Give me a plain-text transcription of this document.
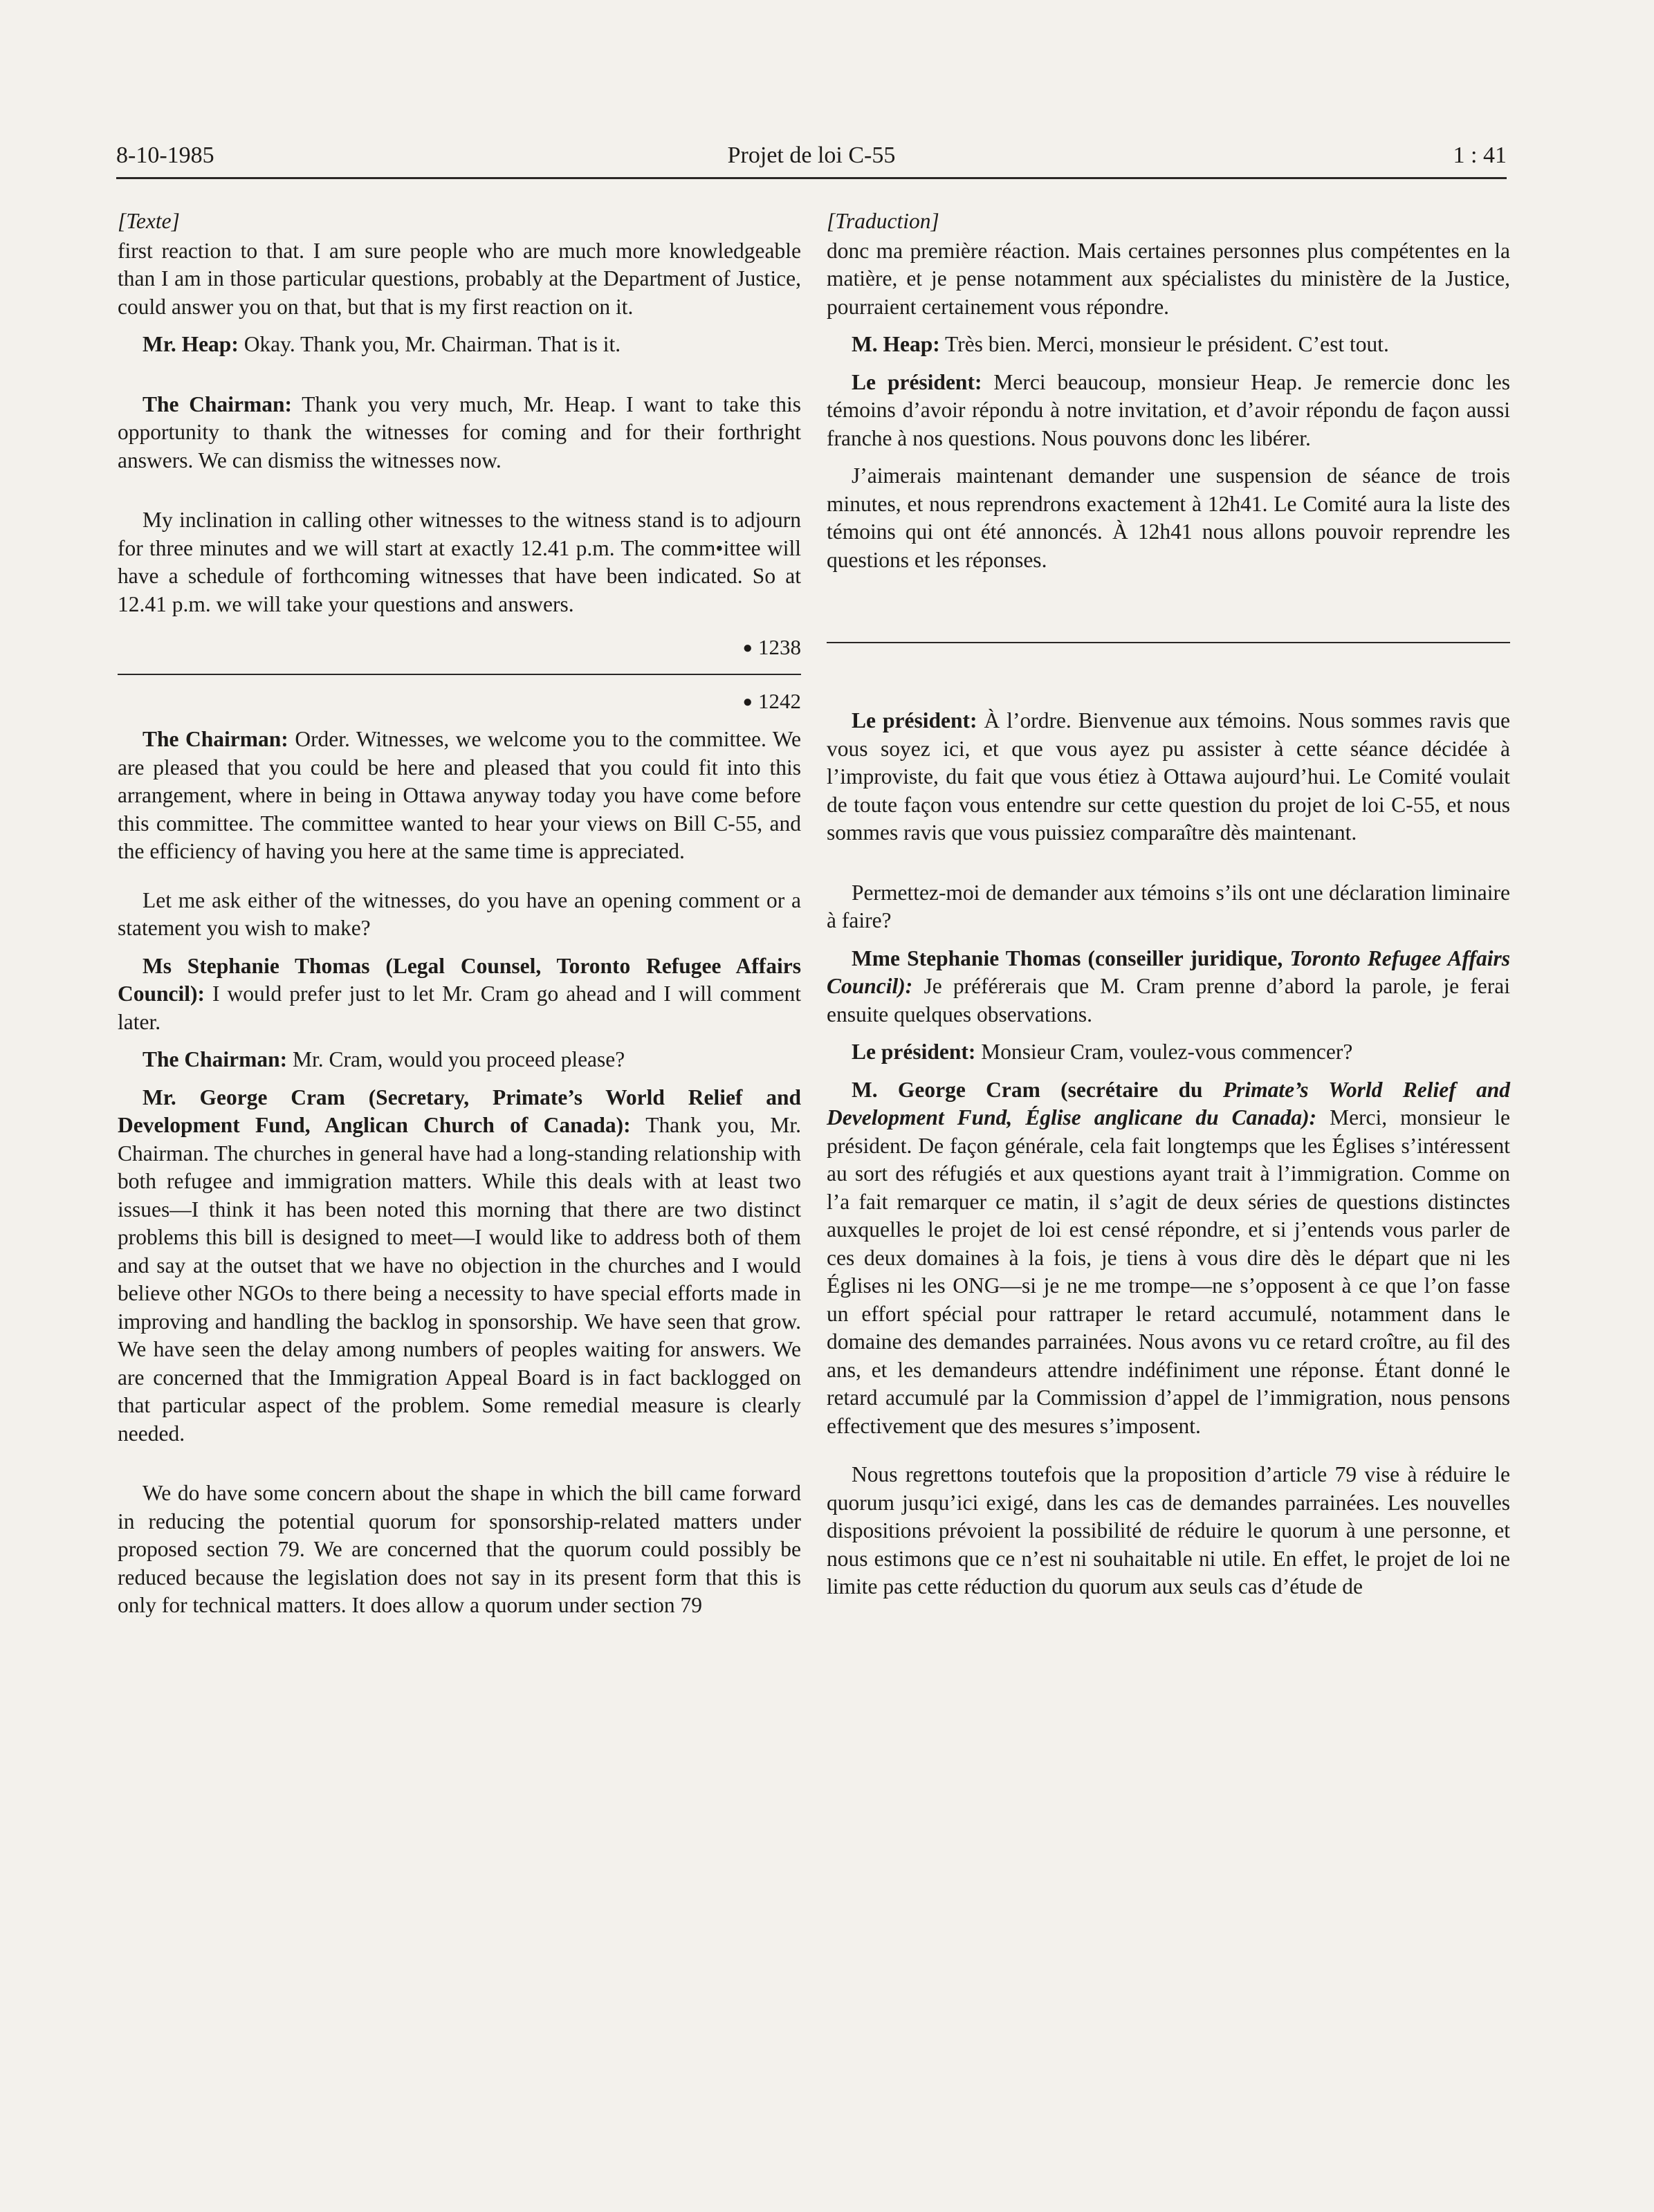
8-10-1985	Projet de loi C-55	1 : 41
[Texte]

first reaction to that. I am sure people who are much more knowledgeable than I am in those particular questions, probably at the Department of Justice, could answer you on that, but that is my first reaction on it.

Mr. Heap: Okay. Thank you, Mr. Chairman. That is it.

The Chairman: Thank you very much, Mr. Heap. I want to take this opportunity to thank the witnesses for coming and for their forthright answers. We can dismiss the witnesses now.

My inclination in calling other witnesses to the witness stand is to adjourn for three minutes and we will start at exactly 12.41 p.m. The comm•ittee will have a schedule of forthcoming witnesses that have been indicated. So at 12.41 p.m. we will take your questions and answers.

● 1238
● 1242

The Chairman: Order. Witnesses, we welcome you to the committee. We are pleased that you could be here and pleased that you could fit into this arrangement, where in being in Ottawa anyway today you have come before this committee. The committee wanted to hear your views on Bill C-55, and the efficiency of having you here at the same time is appreciated.

Let me ask either of the witnesses, do you have an opening comment or a statement you wish to make?

Ms Stephanie Thomas (Legal Counsel, Toronto Refugee Affairs Council): I would prefer just to let Mr. Cram go ahead and I will comment later.

The Chairman: Mr. Cram, would you proceed please?

Mr. George Cram (Secretary, Primate’s World Relief and Development Fund, Anglican Church of Canada): Thank you, Mr. Chairman. The churches in general have had a long-standing relationship with both refugee and immigration matters. While this deals with at least two issues—I think it has been noted this morning that there are two distinct problems this bill is designed to meet—I would like to address both of them and say at the outset that we have no objection in the churches and I would believe other NGOs to there being a necessity to have special efforts made in improving and handling the backlog in sponsorship. We have seen that grow. We have seen the delay among numbers of peoples waiting for answers. We are concerned that the Immigration Appeal Board is in fact backlogged on that particular aspect of the problem. Some remedial measure is clearly needed.

We do have some concern about the shape in which the bill came forward in reducing the potential quorum for sponsorship-related matters under proposed section 79. We are concerned that the quorum could possibly be reduced because the legislation does not say in its present form that this is only for technical matters. It does allow a quorum under section 79

[Traduction]

donc ma première réaction. Mais certaines personnes plus compétentes en la matière, et je pense notamment aux spécialistes du ministère de la Justice, pourraient certainement vous répondre.

M. Heap: Très bien. Merci, monsieur le président. C’est tout.

Le président: Merci beaucoup, monsieur Heap. Je remercie donc les témoins d’avoir répondu à notre invitation, et d’avoir répondu de façon aussi franche à nos questions. Nous pouvons donc les libérer.

J’aimerais maintenant demander une suspension de séance de trois minutes, et nous reprendrons exactement à 12h41. Le Comité aura la liste des témoins qui ont été annoncés. À 12h41 nous allons pouvoir reprendre les questions et les réponses.

Le président: À l’ordre. Bienvenue aux témoins. Nous sommes ravis que vous soyez ici, et que vous ayez pu assister à cette séance décidée à l’improviste, du fait que vous étiez à Ottawa aujourd’hui. Le Comité voulait de toute façon vous entendre sur cette question du projet de loi C-55, et nous sommes ravis que vous puissiez comparaître dès maintenant.

Permettez-moi de demander aux témoins s’ils ont une déclaration liminaire à faire?

Mme Stephanie Thomas (conseiller juridique, Toronto Refugee Affairs Council): Je préférerais que M. Cram prenne d’abord la parole, je ferai ensuite quelques observations.

Le président: Monsieur Cram, voulez-vous commencer?

M. George Cram (secrétaire du Primate’s World Relief and Development Fund, Église anglicane du Canada): Merci, monsieur le président. De façon générale, cela fait longtemps que les Églises s’intéressent au sort des réfugiés et aux questions ayant trait à l’immigration. Comme on l’a fait remarquer ce matin, il s’agit de deux séries de questions distinctes auxquelles le projet de loi est censé répondre, et si j’entends vous parler de ces deux domaines à la fois, je tiens à vous dire dès le départ que ni les Églises ni les ONG—si je ne me trompe—ne s’opposent à ce que l’on fasse un effort spécial pour rattraper le retard accumulé, notamment dans le domaine des demandes parrainées. Nous avons vu ce retard croître, au fil des ans, et les demandeurs attendre indéfiniment une réponse. Étant donné le retard accumulé par la Commission d’appel de l’immigration, nous pensons effectivement que des mesures s’imposent.

Nous regrettons toutefois que la proposition d’article 79 vise à réduire le quorum jusqu’ici exigé, dans les cas de demandes parrainées. Les nouvelles dispositions prévoient la possibilité de réduire le quorum à une personne, et nous estimons que ce n’est ni souhaitable ni utile. En effet, le projet de loi ne limite pas cette réduction du quorum aux seuls cas d’étude de
